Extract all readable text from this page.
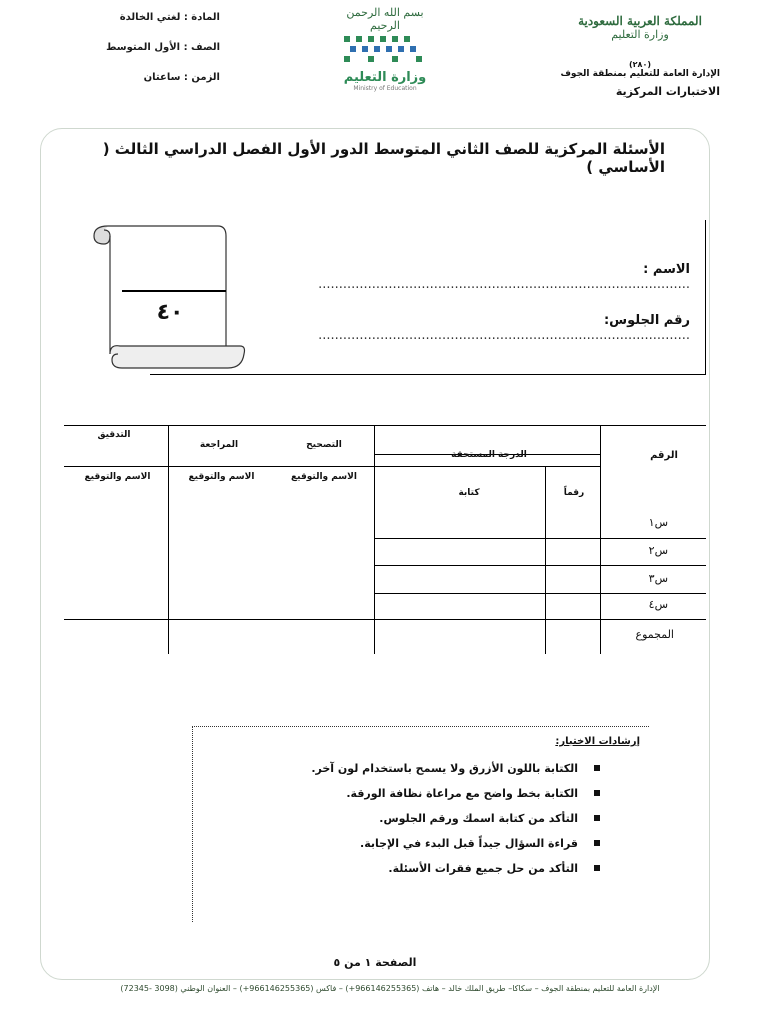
المادة : لغتي الخالدة
الصف : الأول المتوسط
الزمن : ساعتان
بسم الله الرحمن الرحيم
وزارة التعليم
Ministry of Education
المملكة العربية السعودية
وزارة التعليم
(٢٨٠)
الإدارة العامة للتعليم بمنطقة الجوف
الاختبارات المركزية
الأسئلة المركزية للصف الثاني المتوسط الدور الأول الفصل الدراسي الثالث ( الأساسي )
الاسم : ..........................................................................................
رقم الجلوس: ..........................................................................................
٤٠
الرقم
الدرجة المستحقة
رقماً
كتابة
التصحيح
المراجعة
التدقيق
الاسم والتوقيع
الاسم والتوقيع
الاسم والتوقيع
س١
س٢
س٣
س٤
المجموع
إرشادات الاختبار:
الكتابة باللون الأزرق ولا يسمح باستخدام لون آخر.
الكتابة بخط واضح مع مراعاة نظافة الورقة.
التأكد من كتابة اسمك ورقم الجلوس.
قراءة السؤال جيداً قبل البدء في الإجابة.
التأكد من حل جميع فقرات الأسئلة.
الصفحة ١ من ٥
الإدارة العامة للتعليم بمنطقة الجوف – سكاكا– طريق الملك خالد – هاتف (966146255365+) – فاكس (966146255365+) – العنوان الوطني (3098 -72345)
